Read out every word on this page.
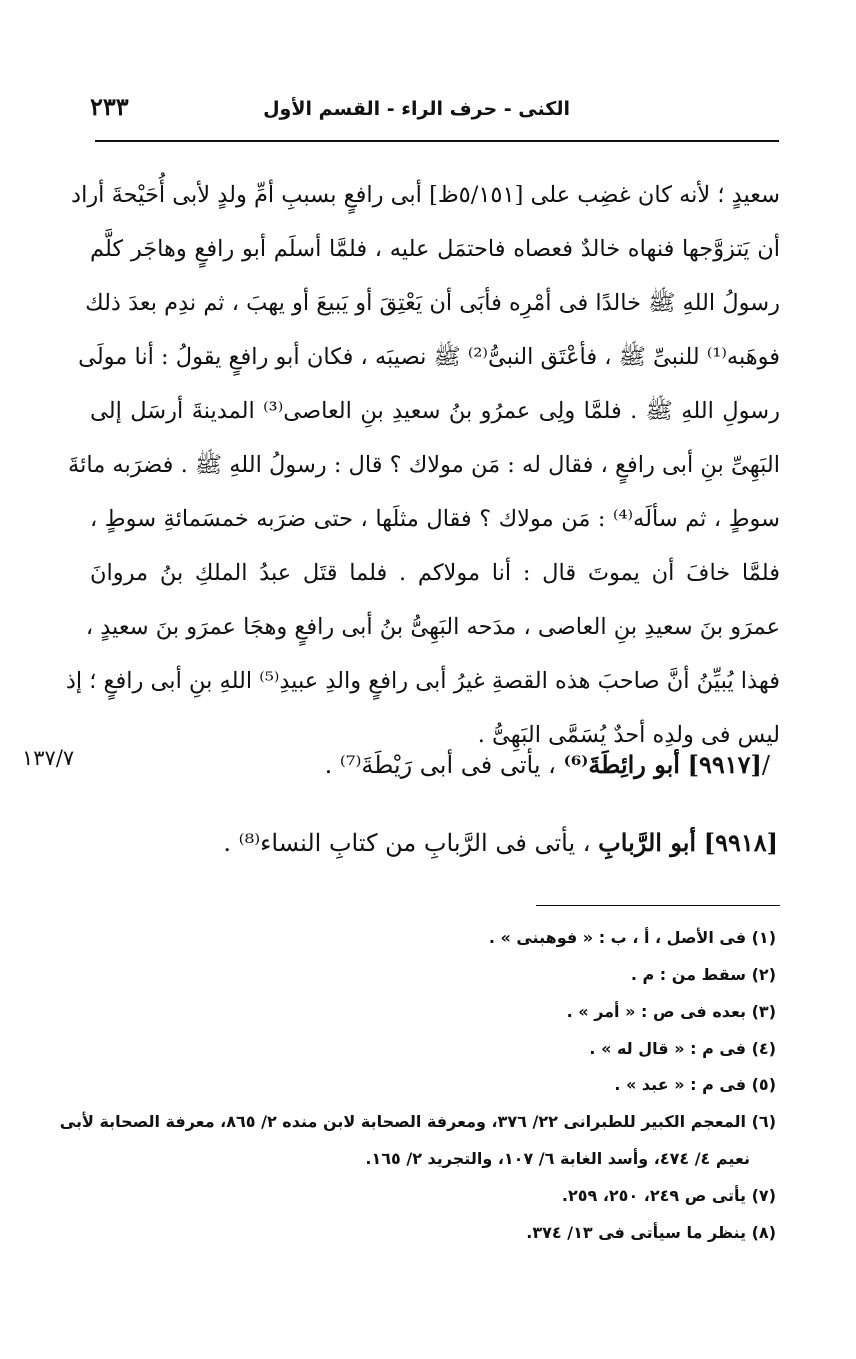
٢٣٣	الكنى - حرف الراء - القسم الأول
سعيدٍ ؛ لأنه كان غضِب على [٥/١٥١ظ] أبى رافعٍ بسببِ أمِّ ولدٍ لأبى أُحَيْحةَ أراد
أن يَتزوَّجها فنهاه خالدٌ فعصاه فاحتمَل عليه ، فلمَّا أسلَم أبو رافعٍ وهاجَر كلَّم
رسولُ اللهِ ﷺ خالدًا فى أمْرِه فأبَى أن يَعْتِقَ أو يَبيعَ أو يهبَ ، ثم ندِم بعدَ ذلك
فوهَبه⁽¹⁾ للنبىِّ ﷺ ، فأعْتَق النبىُّ⁽²⁾ ﷺ نصيبَه ، فكان أبو رافعٍ يقولُ : أنا مولَى
رسولِ اللهِ ﷺ . فلمَّا ولِى عمرُو بنُ سعيدِ بنِ العاصى⁽³⁾ المدينةَ أرسَل إلى
البَهِىِّ بنِ أبى رافعٍ ، فقال له : مَن مولاك ؟ قال : رسولُ اللهِ ﷺ . فضرَبه مائةَ
سوطٍ ، ثم سألَه⁽⁴⁾ : مَن مولاك ؟ فقال مثلَها ، حتى ضرَبه خمسَمائةِ سوطٍ ،
فلمَّا خافَ أن يموتَ قال : أنا مولاكم . فلما قتَل عبدُ الملكِ بنُ مروانَ
عمرَو بنَ سعيدِ بنِ العاصى ، مدَحه البَهِىُّ بنُ أبى رافعٍ وهجَا عمرَو بنَ سعيدٍ ،
فهذا يُبيِّنُ أنَّ صاحبَ هذه القصةِ غيرُ أبى رافعٍ والدِ عبيدِ⁽⁵⁾ اللهِ بنِ أبى رافعٍ ؛ إذ
ليس فى ولدِه أحدٌ يُسَمَّى البَهِىُّ .
١٣٧/٧	/[٩٩١٧] أبو رائِطَةَ⁽⁶⁾ ، يأتى فى أبى رَيْطَةَ⁽⁷⁾ .
[٩٩١٨] أبو الرَّبابِ ، يأتى فى الرَّبابِ من كتابِ النساء⁽⁸⁾ .
(١) فى الأصل ، أ ، ب : « فوهبنى » .
(٢) سقط من : م .
(٣) بعده فى ص : « أمر » .
(٤) فى م : « قال له » .
(٥) فى م : « عبد » .
(٦) المعجم الكبير للطبرانى ٢٢/ ٣٧٦، ومعرفة الصحابة لابن منده ٢/ ٨٦٥، معرفة الصحابة لأبى
نعيم ٤/ ٤٧٤، وأسد الغابة ٦/ ١٠٧، والتجريد ٢/ ١٦٥.
(٧) يأتى ص ٢٤٩، ٢٥٠، ٢٥٩.
(٨) ينظر ما سيأتى فى ١٣/ ٣٧٤.
